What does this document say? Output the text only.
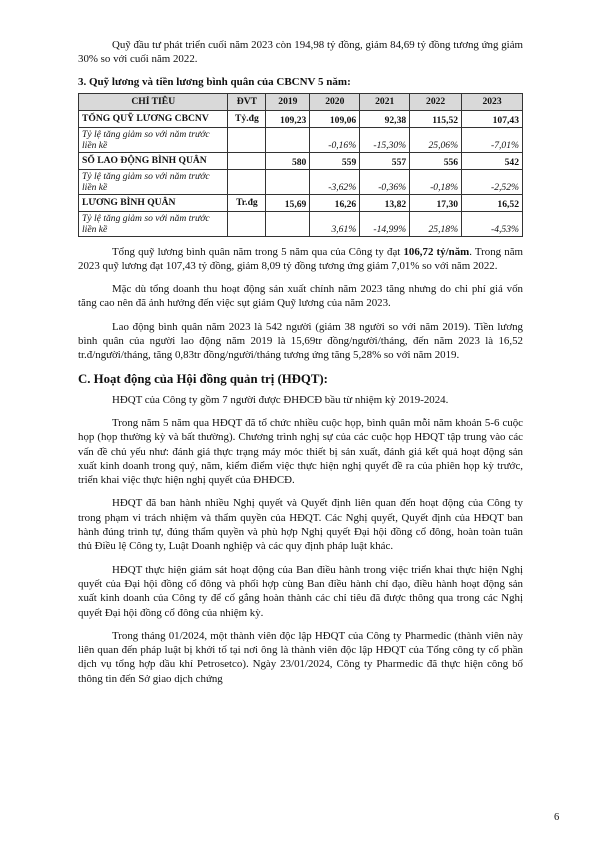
Quỹ đầu tư phát triển cuối năm 2023 còn 194,98 tỷ đồng, giảm 84,69 tỷ đồng tương ứng giảm 30% so với cuối năm 2022.

3. Quỹ lương và tiền lương bình quân của CBCNV 5 năm:
CHỈ TIÊU	ĐVT	2019	2020	2021	2022	2023
TỔNG QUỸ LƯƠNG CBCNV	Tỷ.đg	109,23	109,06	92,38	115,52	107,43
Tỷ lệ tăng giảm so với năm trước liền kề			-0,16%	-15,30%	25,06%	-7,01%
SỐ LAO ĐỘNG BÌNH QUÂN		580	559	557	556	542
Tỷ lệ tăng giảm so với năm trước liền kề			-3,62%	-0,36%	-0,18%	-2,52%
LƯƠNG BÌNH QUÂN	Tr.đg	15,69	16,26	13,82	17,30	16,52
Tỷ lệ tăng giảm so với năm trước liền kề			3,61%	-14,99%	25,18%	-4,53%

Tổng quỹ lương bình quân năm trong 5 năm qua của Công ty đạt 106,72 tỷ/năm. Trong năm 2023 quỹ lương đạt 107,43 tỷ đồng, giảm 8,09 tỷ đồng tương ứng giảm 7,01% so với năm 2022.

Mặc dù tổng doanh thu hoạt động sản xuất chính năm 2023 tăng nhưng do chi phí giá vốn tăng cao nên đã ảnh hưởng đến việc sụt giảm Quỹ lương của năm 2023.

Lao động bình quân năm 2023 là 542 người (giảm 38 người so với năm 2019). Tiền lương bình quân của người lao động năm 2019 là 15,69tr đồng/người/tháng, đến năm 2023 là 16,52 tr.đ/người/tháng, tăng 0,83tr đồng/người/tháng tương ứng tăng 5,28% so với năm 2019.

C. Hoạt động của Hội đồng quản trị (HĐQT):

HĐQT của Công ty gồm 7 người được ĐHĐCĐ bầu từ nhiệm kỳ 2019-2024.

Trong năm 5 năm qua HĐQT đã tổ chức nhiều cuộc họp, bình quân mỗi năm khoản 5-6 cuộc họp (họp thường kỳ và bất thường). Chương trình nghị sự của các cuộc họp HĐQT tập trung vào các vấn đề chủ yếu như: đánh giá thực trạng máy móc thiết bị sản xuất, đánh giá kết quả hoạt động sản xuất kinh doanh trong quý, năm, kiểm điểm việc thực hiện nghị quyết đề ra của phiên họp kỳ trước, triển khai việc thực hiện nghị quyết của ĐHĐCĐ.

HĐQT đã ban hành nhiều Nghị quyết và Quyết định liên quan đến hoạt động của Công ty trong phạm vi trách nhiệm và thẩm quyền của HĐQT. Các Nghị quyết, Quyết định của HĐQT ban hành đúng trình tự, đúng thẩm quyền và phù hợp Nghị quyết Đại hội đồng cổ đông, hoàn toàn tuân thủ Điều lệ Công ty, Luật Doanh nghiệp và các quy định pháp luật khác.

HĐQT thực hiện giám sát hoạt động của Ban điều hành trong việc triển khai thực hiện Nghị quyết của Đại hội đồng cổ đông và phối hợp cùng Ban điều hành chỉ đạo, điều hành hoạt động sản xuất kinh doanh của Công ty để cố gắng hoàn thành các chỉ tiêu đã được thông qua trong các Nghị quyết Đại hội đồng cổ đông của nhiệm kỳ.

Trong tháng 01/2024, một thành viên độc lập HĐQT của Công ty Pharmedic (thành viên này liên quan đến pháp luật bị khởi tố tại nơi ông là thành viên độc lập HĐQT của Tổng công ty cổ phần dịch vụ tổng hợp dầu khí Petrosetco). Ngày 23/01/2024, Công ty Pharmedic đã thực hiện công bố thông tin đến Sở giao dịch chứng

6
